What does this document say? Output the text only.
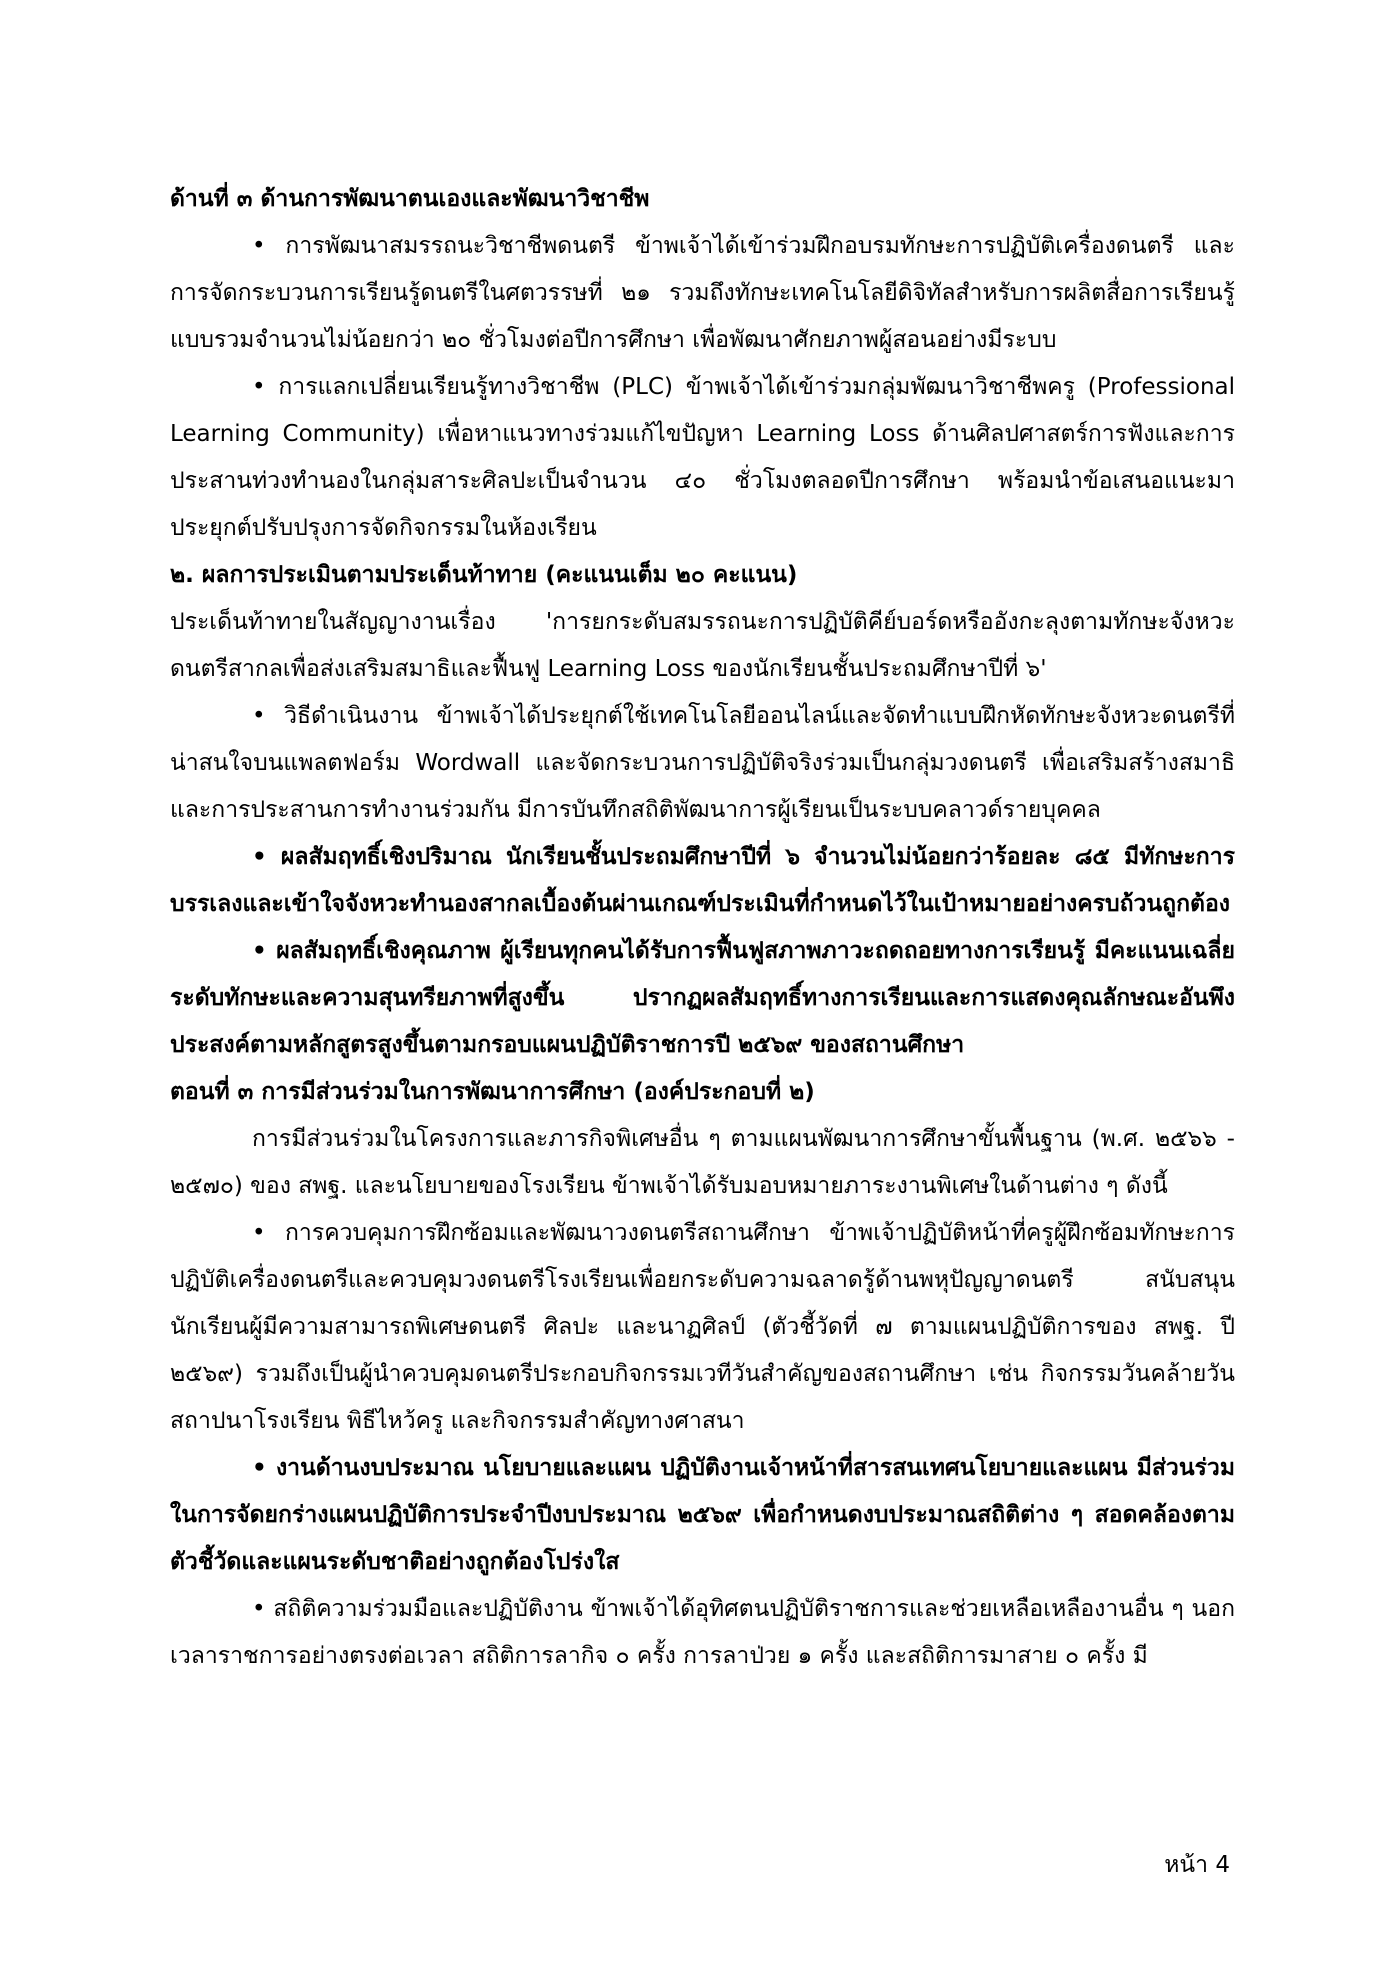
ด้านที่ ๓ ด้านการพัฒนาตนเองและพัฒนาวิชาชีพ

• การพัฒนาสมรรถนะวิชาชีพดนตรี ข้าพเจ้าได้เข้าร่วมฝึกอบรมทักษะการปฏิบัติเครื่องดนตรี และการจัดกระบวนการเรียนรู้ดนตรีในศตวรรษที่ ๒๑ รวมถึงทักษะเทคโนโลยีดิจิทัลสำหรับการผลิตสื่อการเรียนรู้ แบบรวมจำนวนไม่น้อยกว่า ๒๐ ชั่วโมงต่อปีการศึกษา เพื่อพัฒนาศักยภาพผู้สอนอย่างมีระบบ

• การแลกเปลี่ยนเรียนรู้ทางวิชาชีพ (PLC) ข้าพเจ้าได้เข้าร่วมกลุ่มพัฒนาวิชาชีพครู (Professional Learning Community) เพื่อหาแนวทางร่วมแก้ไขปัญหา Learning Loss ด้านศิลปศาสตร์การฟังและการประสานท่วงทำนองในกลุ่มสาระศิลปะเป็นจำนวน ๔๐ ชั่วโมงตลอดปีการศึกษา พร้อมนำข้อเสนอแนะมาประยุกต์ปรับปรุงการจัดกิจกรรมในห้องเรียน

๒. ผลการประเมินตามประเด็นท้าทาย (คะแนนเต็ม ๒๐ คะแนน)

ประเด็นท้าทายในสัญญางานเรื่อง 'การยกระดับสมรรถนะการปฏิบัติคีย์บอร์ดหรืออังกะลุงตามทักษะจังหวะดนตรีสากลเพื่อส่งเสริมสมาธิและฟื้นฟู Learning Loss ของนักเรียนชั้นประถมศึกษาปีที่ ๖'

• วิธีดำเนินงาน ข้าพเจ้าได้ประยุกต์ใช้เทคโนโลยีออนไลน์และจัดทำแบบฝึกหัดทักษะจังหวะดนตรีที่น่าสนใจบนแพลตฟอร์ม Wordwall และจัดกระบวนการปฏิบัติจริงร่วมเป็นกลุ่มวงดนตรี เพื่อเสริมสร้างสมาธิและการประสานการทำงานร่วมกัน มีการบันทึกสถิติพัฒนาการผู้เรียนเป็นระบบคลาวด์รายบุคคล

• ผลสัมฤทธิ์เชิงปริมาณ นักเรียนชั้นประถมศึกษาปีที่ ๖ จำนวนไม่น้อยกว่าร้อยละ ๘๕ มีทักษะการบรรเลงและเข้าใจจังหวะทำนองสากลเบื้องต้นผ่านเกณฑ์ประเมินที่กำหนดไว้ในเป้าหมายอย่างครบถ้วนถูกต้อง

• ผลสัมฤทธิ์เชิงคุณภาพ ผู้เรียนทุกคนได้รับการฟื้นฟูสภาพภาวะถดถอยทางการเรียนรู้ มีคะแนนเฉลี่ยระดับทักษะและความสุนทรียภาพที่สูงขึ้น ปรากฏผลสัมฤทธิ์ทางการเรียนและการแสดงคุณลักษณะอันพึงประสงค์ตามหลักสูตรสูงขึ้นตามกรอบแผนปฏิบัติราชการปี ๒๕๖๙ ของสถานศึกษา

ตอนที่ ๓ การมีส่วนร่วมในการพัฒนาการศึกษา (องค์ประกอบที่ ๒)

การมีส่วนร่วมในโครงการและภารกิจพิเศษอื่น ๆ ตามแผนพัฒนาการศึกษาขั้นพื้นฐาน (พ.ศ. ๒๕๖๖ - ๒๕๗๐) ของ สพฐ. และนโยบายของโรงเรียน ข้าพเจ้าได้รับมอบหมายภาระงานพิเศษในด้านต่าง ๆ ดังนี้

• การควบคุมการฝึกซ้อมและพัฒนาวงดนตรีสถานศึกษา ข้าพเจ้าปฏิบัติหน้าที่ครูผู้ฝึกซ้อมทักษะการปฏิบัติเครื่องดนตรีและควบคุมวงดนตรีโรงเรียนเพื่อยกระดับความฉลาดรู้ด้านพหุปัญญาดนตรี สนับสนุนนักเรียนผู้มีความสามารถพิเศษดนตรี ศิลปะ และนาฏศิลป์ (ตัวชี้วัดที่ ๗ ตามแผนปฏิบัติการของ สพฐ. ปี ๒๕๖๙) รวมถึงเป็นผู้นำควบคุมดนตรีประกอบกิจกรรมเวทีวันสำคัญของสถานศึกษา เช่น กิจกรรมวันคล้ายวันสถาปนาโรงเรียน พิธีไหว้ครู และกิจกรรมสำคัญทางศาสนา

• งานด้านงบประมาณ นโยบายและแผน ปฏิบัติงานเจ้าหน้าที่สารสนเทศนโยบายและแผน มีส่วนร่วมในการจัดยกร่างแผนปฏิบัติการประจำปีงบประมาณ ๒๕๖๙ เพื่อกำหนดงบประมาณสถิติต่าง ๆ สอดคล้องตามตัวชี้วัดและแผนระดับชาติอย่างถูกต้องโปร่งใส

• สถิติความร่วมมือและปฏิบัติงาน ข้าพเจ้าได้อุทิศตนปฏิบัติราชการและช่วยเหลือเหลืองานอื่น ๆ นอกเวลาราชการอย่างตรงต่อเวลา สถิติการลากิจ ๐ ครั้ง การลาป่วย ๑ ครั้ง และสถิติการมาสาย ๐ ครั้ง มี

หน้า 4
